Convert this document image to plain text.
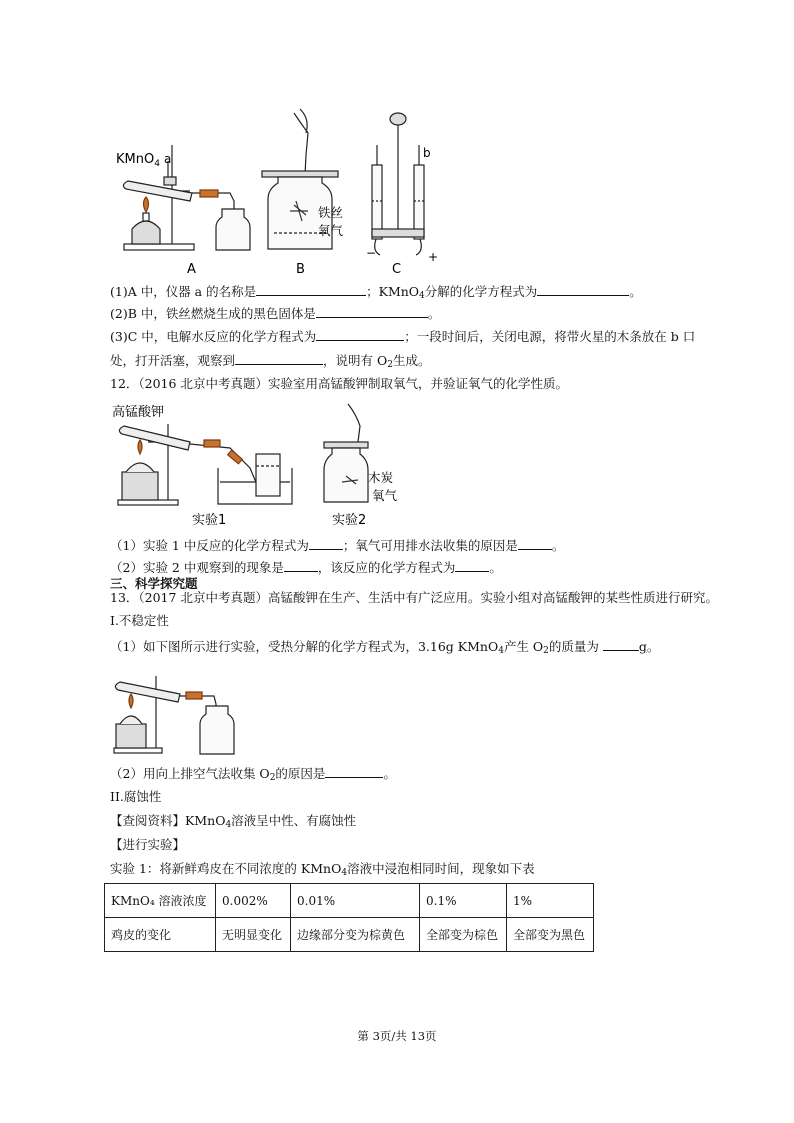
KMnO$_4$ a
A
铁丝
氧气
B
b
−	+
C
(1)A 中，仪器 a 的名称是	；KMnO$_4$分解的化学方程式为	。
(2)B 中，铁丝燃烧生成的黑色固体是	。
(3)C 中，电解水反应的化学方程式为	；一段时间后，关闭电源，将带火星的木条放在 b 口
处，打开活塞，观察到	，说明有 $O_2$生成。
12．（2016 北京中考真题）实验室用高锰酸钾制取氧气，并验证氧气的化学性质。
高锰酸钾
木炭
氧气
实验1	实验2
（1）实验 1 中反应的化学方程式为	；氧气可用排水法收集的原因是	。
（2）实验 2 中观察到的现象是	，该反应的化学方程式为	。
三、科学探究题
13．（2017 北京中考真题）高锰酸钾在生产、生活中有广泛应用。实验小组对高锰酸钾的某些性质进行研究。
I.不稳定性
（1）如下图所示进行实验，受热分解的化学方程式为，3.16g KMnO$_4$产生 $O_2$的质量为	g。
（2）用向上排空气法收集 $O_2$的原因是	。
II.腐蚀性
【查阅资料】KMnO$_4$溶液呈中性、有腐蚀性
【进行实验】
实验 1：将新鲜鸡皮在不同浓度的 KMnO$_4$溶液中浸泡相同时间，现象如下表
KMnO₄ 溶液浓度	0.002%	0.01%	0.1%	1%
鸡皮的变化	无明显变化	边缘部分变为棕黄色	全部变为棕色	全部变为黑色
第 3页/共 13页
